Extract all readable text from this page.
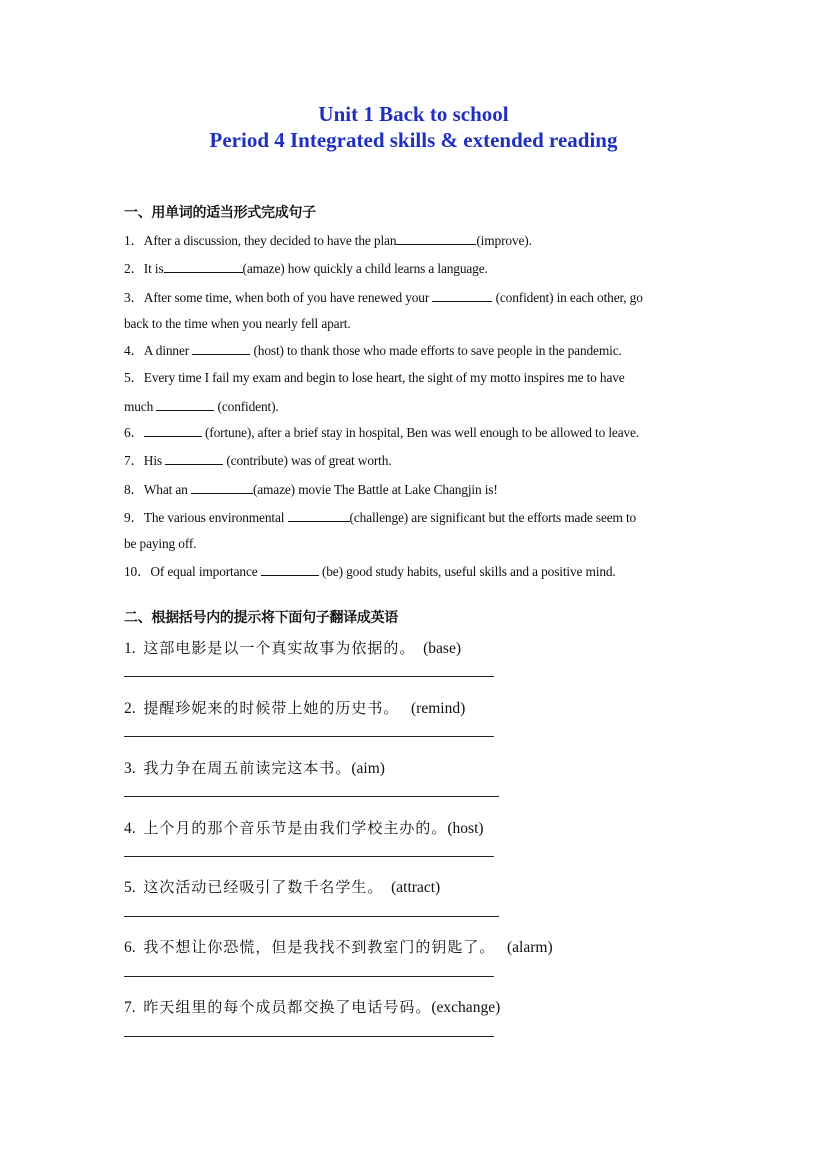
Unit 1 Back to school
Period 4 Integrated skills & extended reading
一、用单词的适当形式完成句子
1．After a discussion, they decided to have the plan	(improve).
2．It is	(amaze) how quickly a child learns a language.
3．After some time, when both of you have renewed your	(confident) in each other, go
back to the time when you nearly fell apart.
4．A dinner	(host) to thank those who made efforts to save people in the pandemic.
5．Every time I fail my exam and begin to lose heart, the sight of my motto inspires me to have
much	(confident).
6．	(fortune), after a brief stay in hospital, Ben was well enough to be allowed to leave.
7．His	(contribute) was of great worth.
8．What an	(amaze) movie The Battle at Lake Changjin is!
9．The various environmental	(challenge) are significant but the efforts made seem to
be paying off.
10．Of equal importance	(be) good study habits, useful skills and a positive mind.
二、根据括号内的提示将下面句子翻译成英语
1. 这部电影是以一个真实故事为依据的。 (base)
2. 提醒珍妮来的时候带上她的历史书。 (remind)
3. 我力争在周五前读完这本书。(aim)
4. 上个月的那个音乐节是由我们学校主办的。(host)
5. 这次活动已经吸引了数千名学生。 (attract)
6. 我不想让你恐慌，但是我找不到教室门的钥匙了。 (alarm)
7. 昨天组里的每个成员都交换了电话号码。(exchange)
